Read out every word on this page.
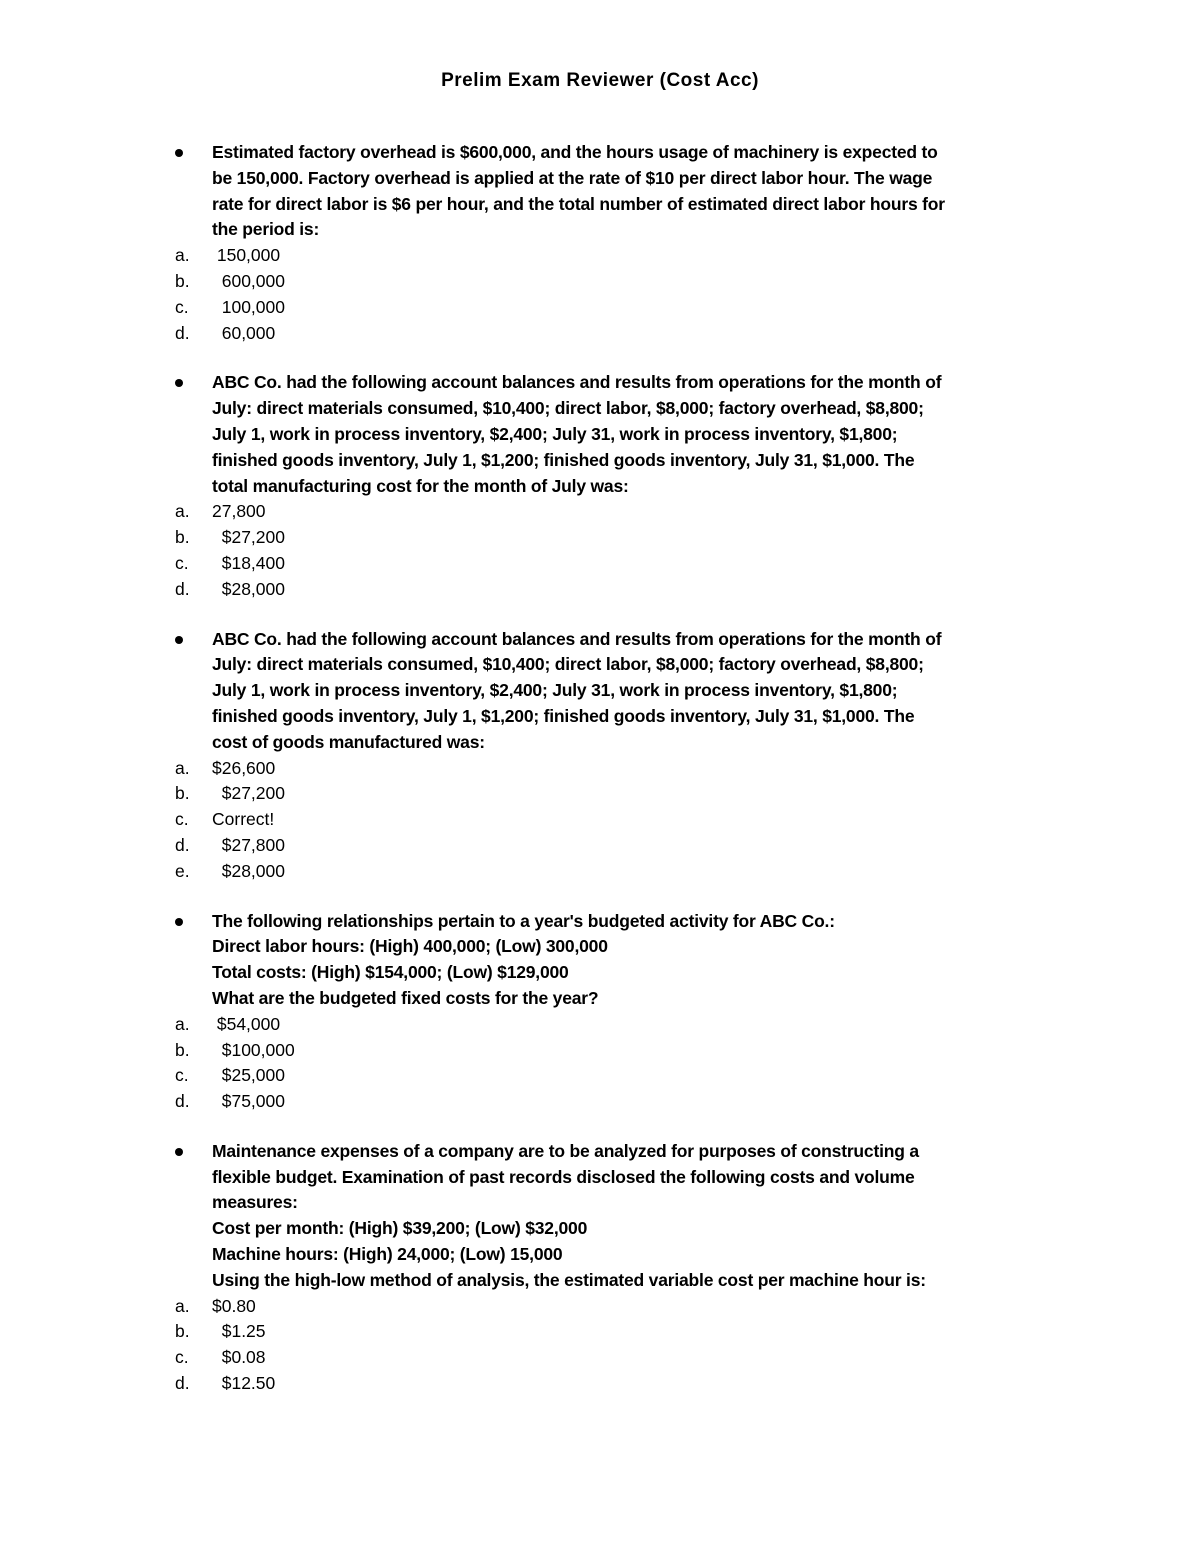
Prelim Exam Reviewer (Cost Acc)
Estimated factory overhead is $600,000, and the hours usage of machinery is expected to
be 150,000. Factory overhead is applied at the rate of $10 per direct labor hour. The wage
rate for direct labor is $6 per hour, and the total number of estimated direct labor hours for
the period is:
a. 150,000
b. 600,000
c. 100,000
d. 60,000
ABC Co. had the following account balances and results from operations for the month of
July: direct materials consumed, $10,400; direct labor, $8,000; factory overhead, $8,800;
July 1, work in process inventory, $2,400; July 31, work in process inventory, $1,800;
finished goods inventory, July 1, $1,200; finished goods inventory, July 31, $1,000. The
total manufacturing cost for the month of July was:
a. 27,800
b. $27,200
c. $18,400
d. $28,000
ABC Co. had the following account balances and results from operations for the month of
July: direct materials consumed, $10,400; direct labor, $8,000; factory overhead, $8,800;
July 1, work in process inventory, $2,400; July 31, work in process inventory, $1,800;
finished goods inventory, July 1, $1,200; finished goods inventory, July 31, $1,000. The
cost of goods manufactured was:
a. $26,600
b. $27,200
c. Correct!
d. $27,800
e. $28,000
The following relationships pertain to a year's budgeted activity for ABC Co.:
Direct labor hours: (High) 400,000; (Low) 300,000
Total costs: (High) $154,000; (Low) $129,000
What are the budgeted fixed costs for the year?
a. $54,000
b. $100,000
c. $25,000
d. $75,000
Maintenance expenses of a company are to be analyzed for purposes of constructing a
flexible budget. Examination of past records disclosed the following costs and volume
measures:
Cost per month: (High) $39,200; (Low) $32,000
Machine hours: (High) 24,000; (Low) 15,000
Using the high-low method of analysis, the estimated variable cost per machine hour is:
a. $0.80
b. $1.25
c. $0.08
d. $12.50
